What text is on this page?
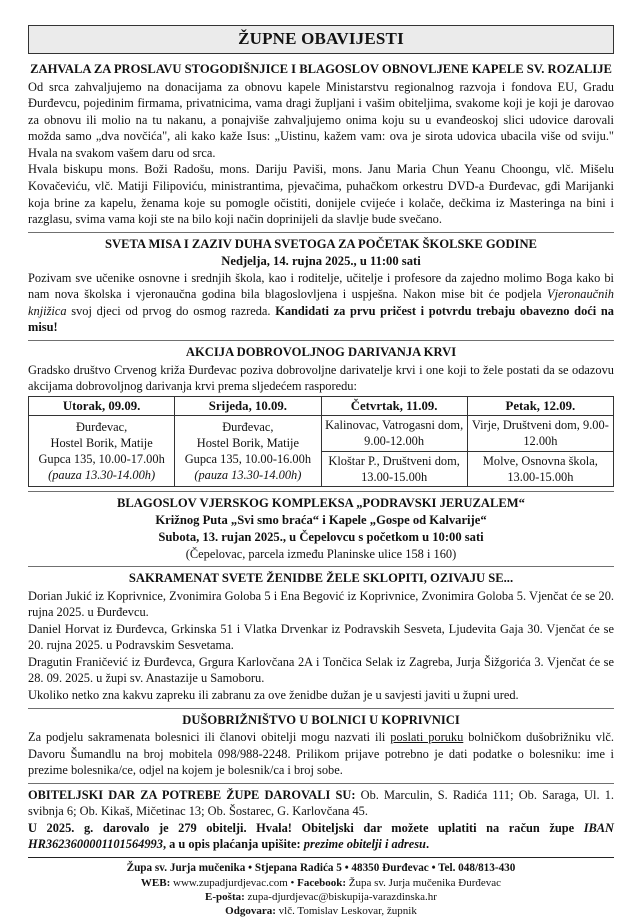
ŽUPNE OBAVIJESTI
ZAHVALA ZA PROSLAVU STOGODIŠNJICE I BLAGOSLOV OBNOVLJENE KAPELE SV. ROZALIJE

Od srca zahvaljujemo na donacijama za obnovu kapele Ministarstvu regionalnog razvoja i fondova EU, Gradu Đurđevcu, pojedinim firmama, privatnicima, vama dragi župljani i vašim obiteljima, svakome koji je koji je darovao za obnovu ili molio na tu nakanu, a ponajviše zahvaljujemo onima koju su u evanđeoskoj slici udovice darovali možda samo „dva novčića", ali kako kaže Isus: „Uistinu, kažem vam: ova je sirota udovica ubacila više od sviju." Hvala na svakom vašem daru od srca.

Hvala biskupu mons. Boži Radošu, mons. Dariju Paviši, mons. Janu Maria Chun Yeanu Choongu, vlč. Mišelu Kovačeviću, vlč. Matiji Filipoviću, ministrantima, pjevačima, puhačkom orkestru DVD-a Đurđevac, gđi Marijanki koja brine za kapelu, ženama koje su pomogle očistiti, donijele cvijeće i kolače, dečkima iz Masteringa na bini i razglasu, svima vama koji ste na bilo koji način doprinijeli da slavlje bude svečano.

SVETA MISA I ZAZIV DUHA SVETOGA ZA POČETAK ŠKOLSKE GODINE
Nedjelja, 14. rujna 2025., u 11:00 sati

Pozivam sve učenike osnovne i srednjih škola, kao i roditelje, učitelje i profesore da zajedno molimo Boga kako bi nam nova školska i vjeronaučna godina bila blagoslovljena i uspješna. Nakon mise bit će podjela Vjeronaučnih knjižica svoj djeci od prvog do osmog razreda. Kandidati za prvu pričest i potvrdu trebaju obavezno doći na misu!

AKCIJA DOBROVOLJNOG DARIVANJA KRVI

Gradsko društvo Crvenog križa Đurđevac poziva dobrovoljne darivatelje krvi i one koji to žele postati da se odazovu akcijama dobrovoljnog darivanja krvi prema sljedećem rasporedu:

Utorak, 09.09.	Srijeda, 10.09.	Četvrtak, 11.09.	Petak, 12.09.

Đurđevac,
Hostel Borik, Matije
Gupca 135, 10.00-17.00h
(pauza 13.30-14.00h)	Đurđevac,
Hostel Borik, Matije
Gupca 135, 10.00-16.00h
(pauza 13.30-14.00h)	Kalinovac, Vatrogasni dom, 9.00-12.00h	Virje, Društveni dom, 9.00-12.00h
		Kloštar P., Društveni dom, 13.00-15.00h	Molve, Osnovna škola, 13.00-15.00h
BLAGOSLOV VJERSKOG KOMPLEKSA „PODRAVSKI JERUZALEM“
Križnog Puta „Svi smo braća“ i Kapele „Gospe od Kalvarije“
Subota, 13. rujan 2025., u Čepelovcu s početkom u 10:00 sati
(Čepelovac, parcela između Planinske ulice 158 i 160)
SAKRAMENAT SVETE ŽENIDBE ŽELE SKLOPITI, OZIVAJU SE...

Dorian Jukić iz Koprivnice, Zvonimira Goloba 5 i Ena Begović iz Koprivnice, Zvonimira Goloba 5. Vjenčat će se 20. rujna 2025. u Đurđevcu.

Daniel Horvat iz Đurđevca, Grkinska 51 i Vlatka Drvenkar iz Podravskih Sesveta, Ljudevita Gaja 30. Vjenčat će se 20. rujna 2025. u Podravskim Sesvetama.

Dragutin Franičević iz Đurđevca, Grgura Karlovčana 2A i Tončica Selak iz Zagreba, Jurja Šižgorića 3. Vjenčat će se 28. 09. 2025. u župi sv. Anastazije u Samoboru.

Ukoliko netko zna kakvu zapreku ili zabranu za ove ženidbe dužan je u savjesti javiti u župni ured.

DUŠOBRIŽNIŠTVO U BOLNICI U KOPRIVNICI

Za podjelu sakramenata bolesnici ili članovi obitelji mogu nazvati ili poslati poruku bolničkom dušobrižniku vlč. Davoru Šumandlu na broj mobitela 098/988-2248. Prilikom prijave potrebno je dati podatke o bolesniku: ime i prezime bolesnika/ce, odjel na kojem je bolesnik/ca i broj sobe.

OBITELJSKI DAR ZA POTREBE ŽUPE DAROVALI SU: Ob. Marculin, S. Radića 111; Ob. Saraga, Ul. 1. svibnja 6; Ob. Kikaš, Mičetinac 13; Ob. Šostarec, G. Karlovčana 45.

U 2025. g. darovalo je 279 obitelji. Hvala! Obiteljski dar možete uplatiti na račun župe IBAN HR3623600001101564993, a u opis plaćanja upišite: prezime obitelji i adresu.

Župa sv. Jurja mučenika • Stjepana Radića 5 • 48350 Đurđevac • Tel. 048/813-430
WEB: www.zupadjurdjevac.com • Facebook: Župa sv. Jurja mučenika Đurđevac
E-pošta: zupa-djurdjevac@biskupija-varazdinska.hr
Odgovara: vlč. Tomislav Leskovar, župnik
